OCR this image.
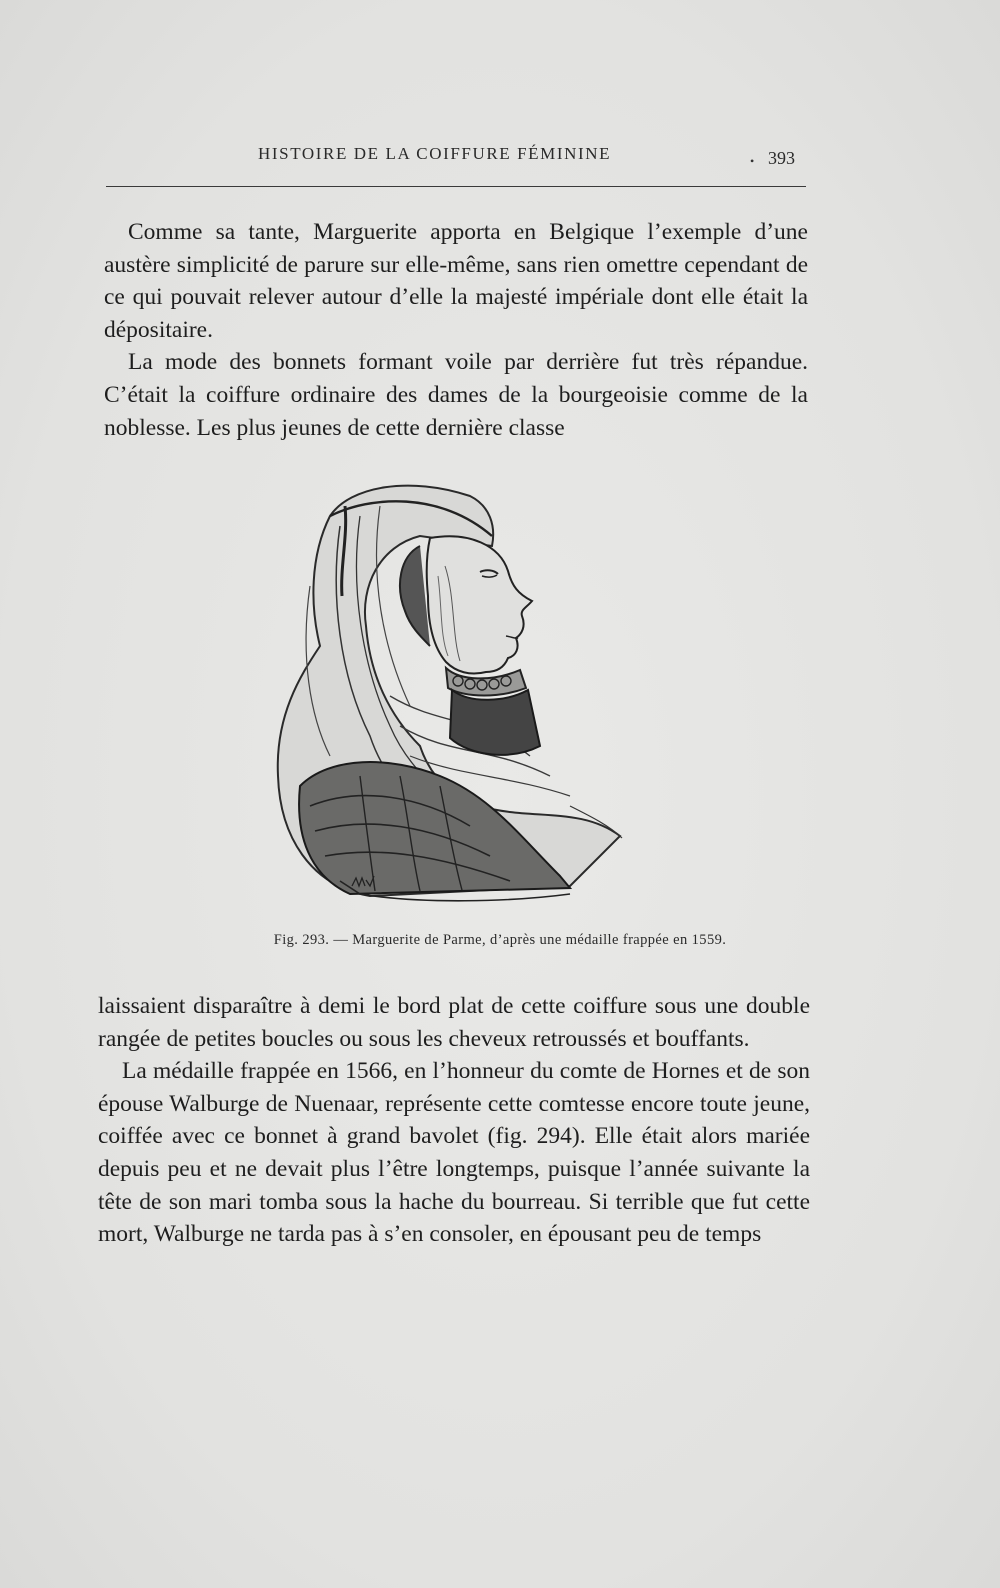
HISTOIRE DE LA COIFFURE FÉMININE	• 393

Comme sa tante, Marguerite apporta en Belgique l’exemple d’une austère simplicité de parure sur elle-même, sans rien omettre cependant de ce qui pouvait relever autour d’elle la majesté impériale dont elle était la dépositaire.

La mode des bonnets formant voile par derrière fut très répandue. C’était la coiffure ordinaire des dames de la bourgeoisie comme de la noblesse. Les plus jeunes de cette dernière classe

Fig. 293. — Marguerite de Parme, d’après une médaille frappée en 1559.

laissaient disparaître à demi le bord plat de cette coiffure sous une double rangée de petites boucles ou sous les cheveux retroussés et bouffants.

La médaille frappée en 1566, en l’honneur du comte de Hornes et de son épouse Walburge de Nuenaar, représente cette comtesse encore toute jeune, coiffée avec ce bonnet à grand bavolet (fig. 294). Elle était alors mariée depuis peu et ne devait plus l’être longtemps, puisque l’année suivante la tête de son mari tomba sous la hache du bourreau. Si terrible que fut cette mort, Walburge ne tarda pas à s’en consoler, en épousant peu de temps
